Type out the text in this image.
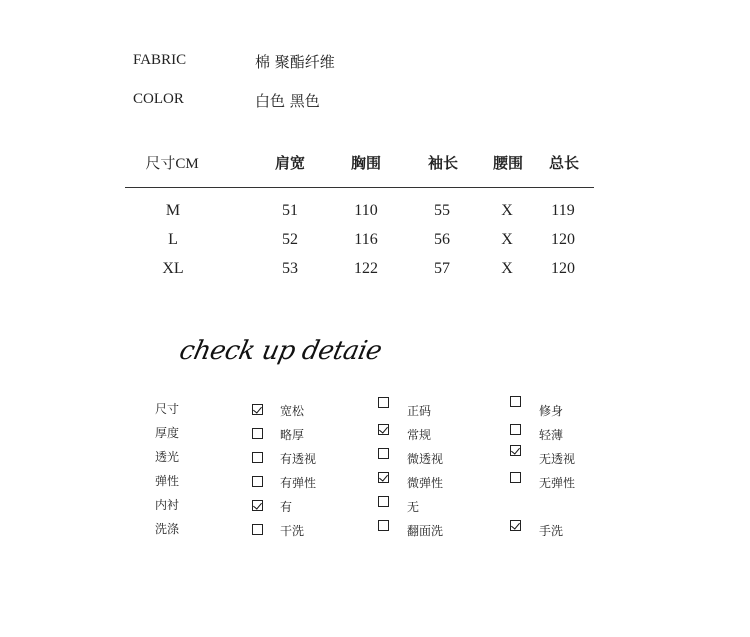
FABRIC	棉 聚酯纤维
COLOR	白色 黑色
尺寸CM	肩宽	胸围	袖长 腰围 总长
M	51	110	55	X 119
L	52	116	56	X 120
XL	53	122	57	X 120
check up detaie
尺寸	宽松	正码	修身
厚度	略厚	常规	轻薄
透光	有透视	微透视	无透视
弹性	有弹性	微弹性	无弹性
内衬	有	无
洗涤	干洗	翻面洗	手洗
